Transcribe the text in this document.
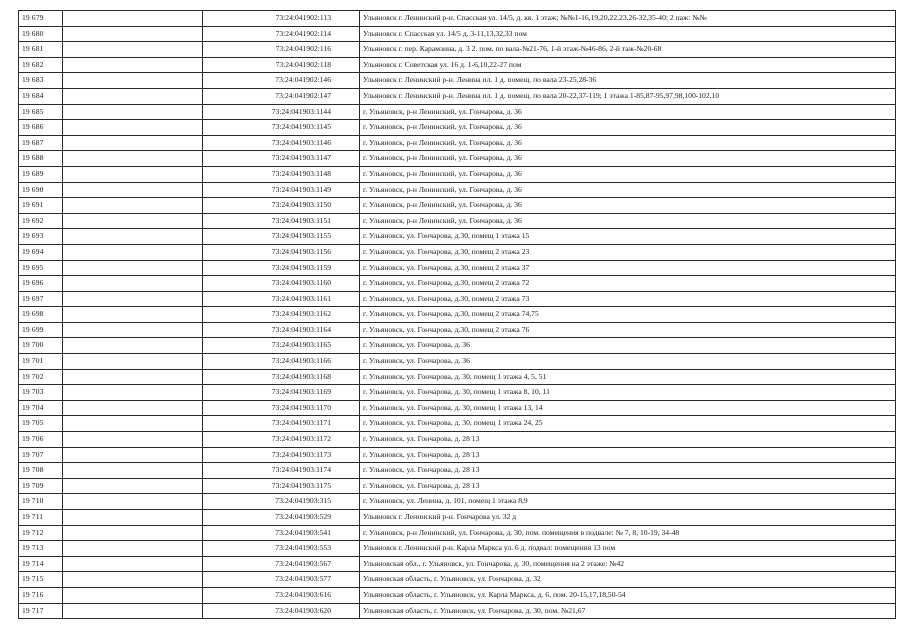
19 679		73:24:041902:113	Ульяновск г. Ленинский р-н. Спасская ул. 14/5, д. кв. 1 этаж; №№1-16,19,20,22,23,26-32,35-40; 2 паж: №№
19 680		73:24:041902:114	Ульяновск г. Спасская ул. 14/5 д. 3-11,13,32,33 пом
19 681		73:24:041902:116	Ульяновск г. пер. Карамзина, д. 3 2. пом. по вала-№21-76, 1-й этаж-№46-86, 2-й таж-№20-68
19 682		73:24:041902:118	Ульяновск г. Советская ул. 16 д. 1-6,10,22-27 пом
19 683		73:24:041902:146	Ульяновск г. Ленинский р-н. Ленина пл. 1 д. помещ. по вала 23-25,28-36
19 684		73:24:041902:147	Ульяновск г. Ленинский р-н. Ленина пл. 1 д. помещ. по вала 20-22,37-119; 1 этажа 1-85,87-95,97,98,100-102,10
19 685		73:24:041903:1144	г. Ульяновск, р-н Ленинский, ул. Гончарова, д. 36
19 686		73:24:041903:1145	г. Ульяновск, р-н Ленинский, ул. Гончарова, д. 36
19 687		73:24:041903:1146	г. Ульяновск, р-н Ленинский, ул. Гончарова, д. 36
19 688		73:24:041903:1147	г. Ульяновск, р-н Ленинский, ул. Гончарова, д. 36
19 689		73:24:041903:1148	г. Ульяновск, р-н Ленинский, ул. Гончарова, д. 36
19 690		73:24:041903:1149	г. Ульяновск, р-н Ленинский, ул. Гончарова, д. 36
19 691		73:24:041903:1150	г. Ульяновск, р-н Ленинский, ул. Гончарова, д. 36
19 692		73:24:041903:1151	г. Ульяновск, р-н Ленинский, ул. Гончарова, д. 36
19 693		73:24:041903:1155	г. Ульяновск, ул. Гончарова, д.30, помещ 1 этажа 15
19 694		73:24:041903:1156	г. Ульяновск, ул. Гончарова, д.30, помещ 2 этажа 23
19 695		73:24:041903:1159	г. Ульяновск, ул. Гончарова, д.30, помещ 2 этажа 37
19 696		73:24:041903:1160	г. Ульяновск, ул. Гончарова, д.30, помещ 2 этажа 72
19 697		73:24:041903:1161	г. Ульяновск, ул. Гончарова, д.30, помещ 2 этажа 73
19 698		73:24:041903:1162	г. Ульяновск, ул. Гончарова, д.30, помещ 2 этажа 74,75
19 699		73:24:041903:1164	г. Ульяновск, ул. Гончарова, д.30, помещ 2 этажа 76
19 700		73:24:041903:1165	г. Ульяновск, ул. Гончарова, д. 36
19 701		73:24:041903:1166	г. Ульяновск, ул. Гончарова, д. 36
19 702		73:24:041903:1168	г. Ульяновск, ул. Гончарова, д. 30, помещ 1 этажа 4, 5, 51
19 703		73:24:041903:1169	г. Ульяновск, ул. Гончарова, д. 30, помещ 1 этажа 8, 10, 11
19 704		73:24:041903:1170	г. Ульяновск, ул. Гончарова, д. 30, помещ 1 этажа 13, 14
19 705		73:24:041903:1171	г. Ульяновск, ул. Гончарова, д. 30, помещ 1 этажа 24, 25
19 706		73:24:041903:1172	г. Ульяновск, ул. Гончарова, д. 28 13
19 707		73:24:041903:1173	г. Ульяновск, ул. Гончарова, д. 28 13
19 708		73:24:041903:1174	г. Ульяновск, ул. Гончарова, д. 28 13
19 709		73:24:041903:1175	г. Ульяновск, ул. Гончарова, д. 28 13
19 710		73:24:041903:315	г. Ульяновск, ул. Ленина, д. 101, помещ 1 этажа 8,9
19 711		73:24:041903:529	Ульяновск г. Ленинский р-н. Гончарова ул. 32 д
19 712		73:24:041903:541	г. Ульяновск, р-н Ленинский, ул. Гончарова, д. 30, пом. помещения в подвале: № 7, 8, 10-19, 34-48
19 713		73:24:041903:553	Ульяновск г. Ленинский р-н. Карла Маркса ул. 6 д. подвал: помещения 13 пом
19 714		73:24:041903:567	Ульяновская обл., г. Ульяновск, ул. Гончарова, д. 30, помещения на 2 этаже: №42
19 715		73:24:041903:577	Ульяновская область, г. Ульяновск, ул. Гончарова, д. 32
19 716		73:24:041903:616	Ульяновская область, г. Ульяновск, ул. Карла Маркса, д. 6, пом. 20-15,17,18,50-54
19 717		73:24:041903:620	Ульяновская область, г. Ульяновск, ул. Гончарова, д. 30, пом. №21,67
